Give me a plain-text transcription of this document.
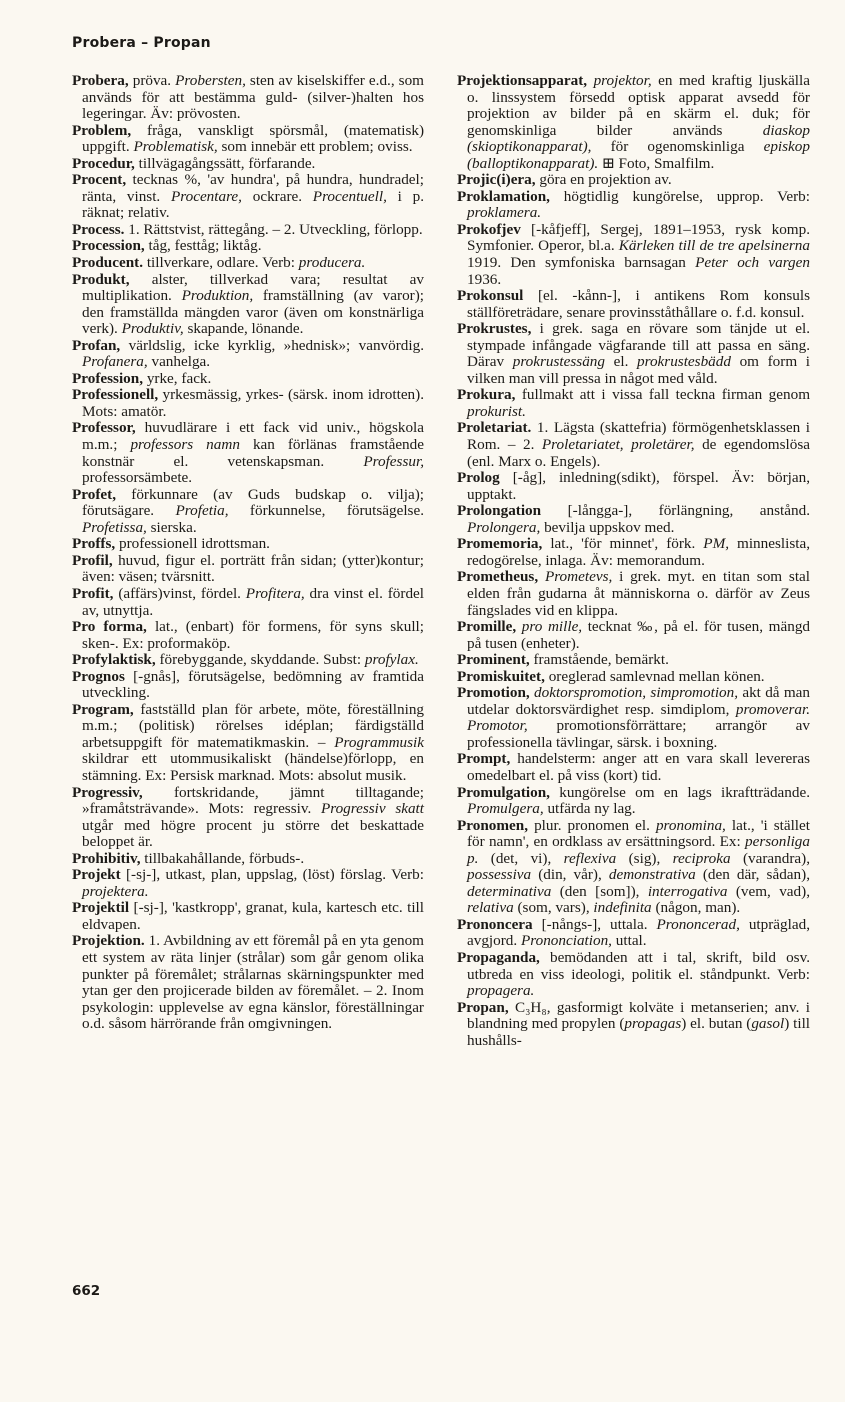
Probera – Propan

Probera, pröva. Probersten, sten av kiselskiffer e.d., som används för att bestämma guld- (silver-)halten hos legeringar. Äv: prövosten.

Problem, fråga, vanskligt spörsmål, (matematisk) uppgift. Problematisk, som innebär ett problem; oviss.

Procedur, tillvägagångssätt, förfarande.

Procent, tecknas %, 'av hundra', på hundra, hundradel; ränta, vinst. Procentare, ockrare. Procentuell, i p. räknat; relativ.

Process. 1. Rättstvist, rättegång. – 2. Utveckling, förlopp.

Procession, tåg, festtåg; liktåg.

Producent. tillverkare, odlare. Verb: producera.

Produkt, alster, tillverkad vara; resultat av multiplikation. Produktion, framställning (av varor); den framställda mängden varor (även om konstnärliga verk). Produktiv, skapande, lönande.

Profan, världslig, icke kyrklig, »hednisk»; vanvördig. Profanera, vanhelga.

Profession, yrke, fack.

Professionell, yrkesmässig, yrkes- (särsk. inom idrotten). Mots: amatör.

Professor, huvudlärare i ett fack vid univ., högskola m.m.; professors namn kan förlänas framstående konstnär el. vetenskapsman. Professur, professorsämbete.

Profet, förkunnare (av Guds budskap o. vilja); förutsägare. Profetia, förkunnelse, förutsägelse. Profetissa, sierska.

Proffs, professionell idrottsman.

Profil, huvud, figur el. porträtt från sidan; (ytter)kontur; även: väsen; tvärsnitt.

Profit, (affärs)vinst, fördel. Profitera, dra vinst el. fördel av, utnyttja.

Pro forma, lat., (enbart) för formens, för syns skull; sken-. Ex: proformaköp.

Profylaktisk, förebyggande, skyddande. Subst: profylax.

Prognos [-gnås], förutsägelse, bedömning av framtida utveckling.

Program, fastställd plan för arbete, möte, föreställning m.m.; (politisk) rörelses idéplan; färdigställd arbetsuppgift för matematikmaskin. – Programmusik skildrar ett utommusikaliskt (händelse)förlopp, en stämning. Ex: Persisk marknad. Mots: absolut musik.

Progressiv, fortskridande, jämnt tilltagande; »framåtsträvande». Mots: regressiv. Progressiv skatt utgår med högre procent ju större det beskattade beloppet är.

Prohibitiv, tillbakahållande, förbuds-.

Projekt [-sj-], utkast, plan, uppslag, (löst) förslag. Verb: projektera.

Projektil [-sj-], 'kastkropp', granat, kula, kartesch etc. till eldvapen.

Projektion. 1. Avbildning av ett föremål på en yta genom ett system av räta linjer (strålar) som går genom olika punkter på föremålet; strålarnas skärningspunkter med ytan ger den projicerade bilden av föremålet. – 2. Inom psykologin: upplevelse av egna känslor, föreställningar o.d. såsom härrörande från omgivningen.

Projektionsapparat, projektor, en med kraftig ljuskälla o. linssystem försedd optisk apparat avsedd för projektion av bilder på en skärm el. duk; för genomskinliga bilder används diaskop (skioptikonapparat), för ogenomskinliga episkop (balloptikonapparat). ⊞ Foto, Smalfilm.

Projic(i)era, göra en projektion av.

Proklamation, högtidlig kungörelse, upprop. Verb: proklamera.

Prokofjev [-kåfjeff], Sergej, 1891–1953, rysk komp. Symfonier. Operor, bl.a. Kärleken till de tre apelsinerna 1919. Den symfoniska barnsagan Peter och vargen 1936.

Prokonsul [el. -kånn-], i antikens Rom konsuls ställföreträdare, senare provinsståthållare o. f.d. konsul.

Prokrustes, i grek. saga en rövare som tänjde ut el. stympade infångade vägfarande till att passa en säng. Därav prokrustessäng el. prokrustesbädd om form i vilken man vill pressa in något med våld.

Prokura, fullmakt att i vissa fall teckna firman genom prokurist.

Proletariat. 1. Lägsta (skattefria) förmögenhetsklassen i Rom. – 2. Proletariatet, proletärer, de egendomslösa (enl. Marx o. Engels).

Prolog [-åg], inledning(sdikt), förspel. Äv: början, upptakt.

Prolongation [-långgа-], förlängning, anstånd. Prolongera, bevilja uppskov med.

Promemoria, lat., 'för minnet', förk. PM, minneslista, redogörelse, inlaga. Äv: memorandum.

Prometheus, Prometevs, i grek. myt. en titan som stal elden från gudarna åt människorna o. därför av Zeus fängslades vid en klippa.

Promille, pro mille, tecknat ‰, på el. för tusen, mängd på tusen (enheter).

Prominent, framstående, bemärkt.

Promiskuitet, oreglerad samlevnad mellan könen.

Promotion, doktorspromotion, simpromotion, akt då man utdelar doktorsvärdighet resp. simdiplom, promoverar. Promotor, promotionsförrättare; arrangör av professionella tävlingar, särsk. i boxning.

Prompt, handelsterm: anger att en vara skall levereras omedelbart el. på viss (kort) tid.

Promulgation, kungörelse om en lags ikraftträdande. Promulgera, utfärda ny lag.

Pronomen, plur. pronomen el. pronomina, lat., 'i stället för namn', en ordklass av ersättningsord. Ex: personliga p. (det, vi), reflexiva (sig), reciproka (varandra), possessiva (din, vår), demonstrativa (den där, sådan), determinativa (den [som]), interrogativa (vem, vad), relativa (som, vars), indefinita (någon, man).

Prononcera [-nångs-], uttala. Prononcerad, utpräglad, avgjord. Prononciation, uttal.

Propaganda, bemödanden att i tal, skrift, bild osv. utbreda en viss ideologi, politik el. ståndpunkt. Verb: propagera.

Propan, C₃H₈, gasformigt kolväte i metanserien; anv. i blandning med propylen (propagas) el. butan (gasol) till hushålls-

662
